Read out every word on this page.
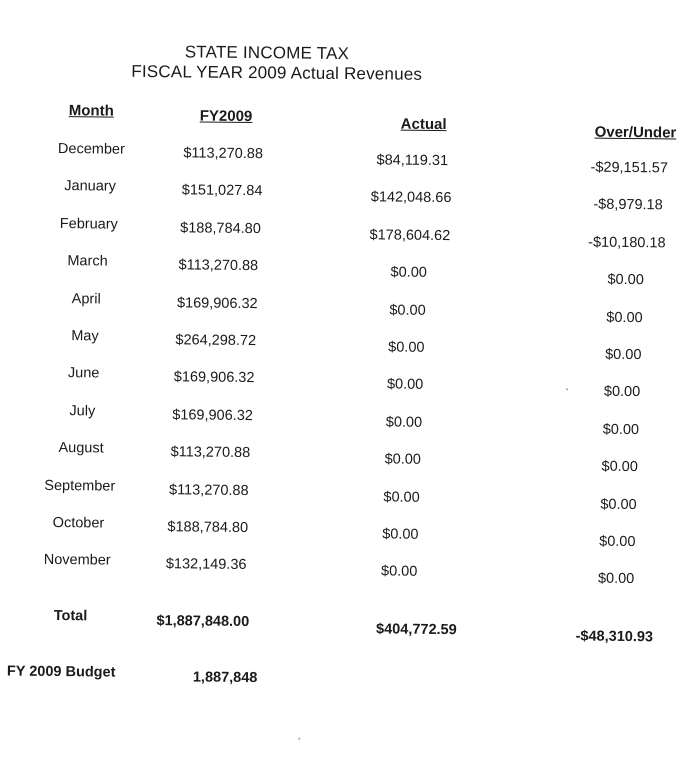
STATE INCOME TAX
FISCAL YEAR 2009 Actual Revenues
Month	FY2009	Actual	Over/Under
December	$113,270.88	$84,119.31	-$29,151.57
January	$151,027.84	$142,048.66	-$8,979.18
February	$188,784.80	$178,604.62	-$10,180.18
March	$113,270.88	$0.00	$0.00
April	$169,906.32	$0.00	$0.00
May	$264,298.72	$0.00	$0.00
June	$169,906.32	$0.00	$0.00
July	$169,906.32	$0.00	$0.00
August	$113,270.88	$0.00	$0.00
September	$113,270.88	$0.00	$0.00
October	$188,784.80	$0.00	$0.00
November	$132,149.36	$0.00	$0.00
Total	$1,887,848.00	$404,772.59	-$48,310.93
FY 2009 Budget	1,887,848
